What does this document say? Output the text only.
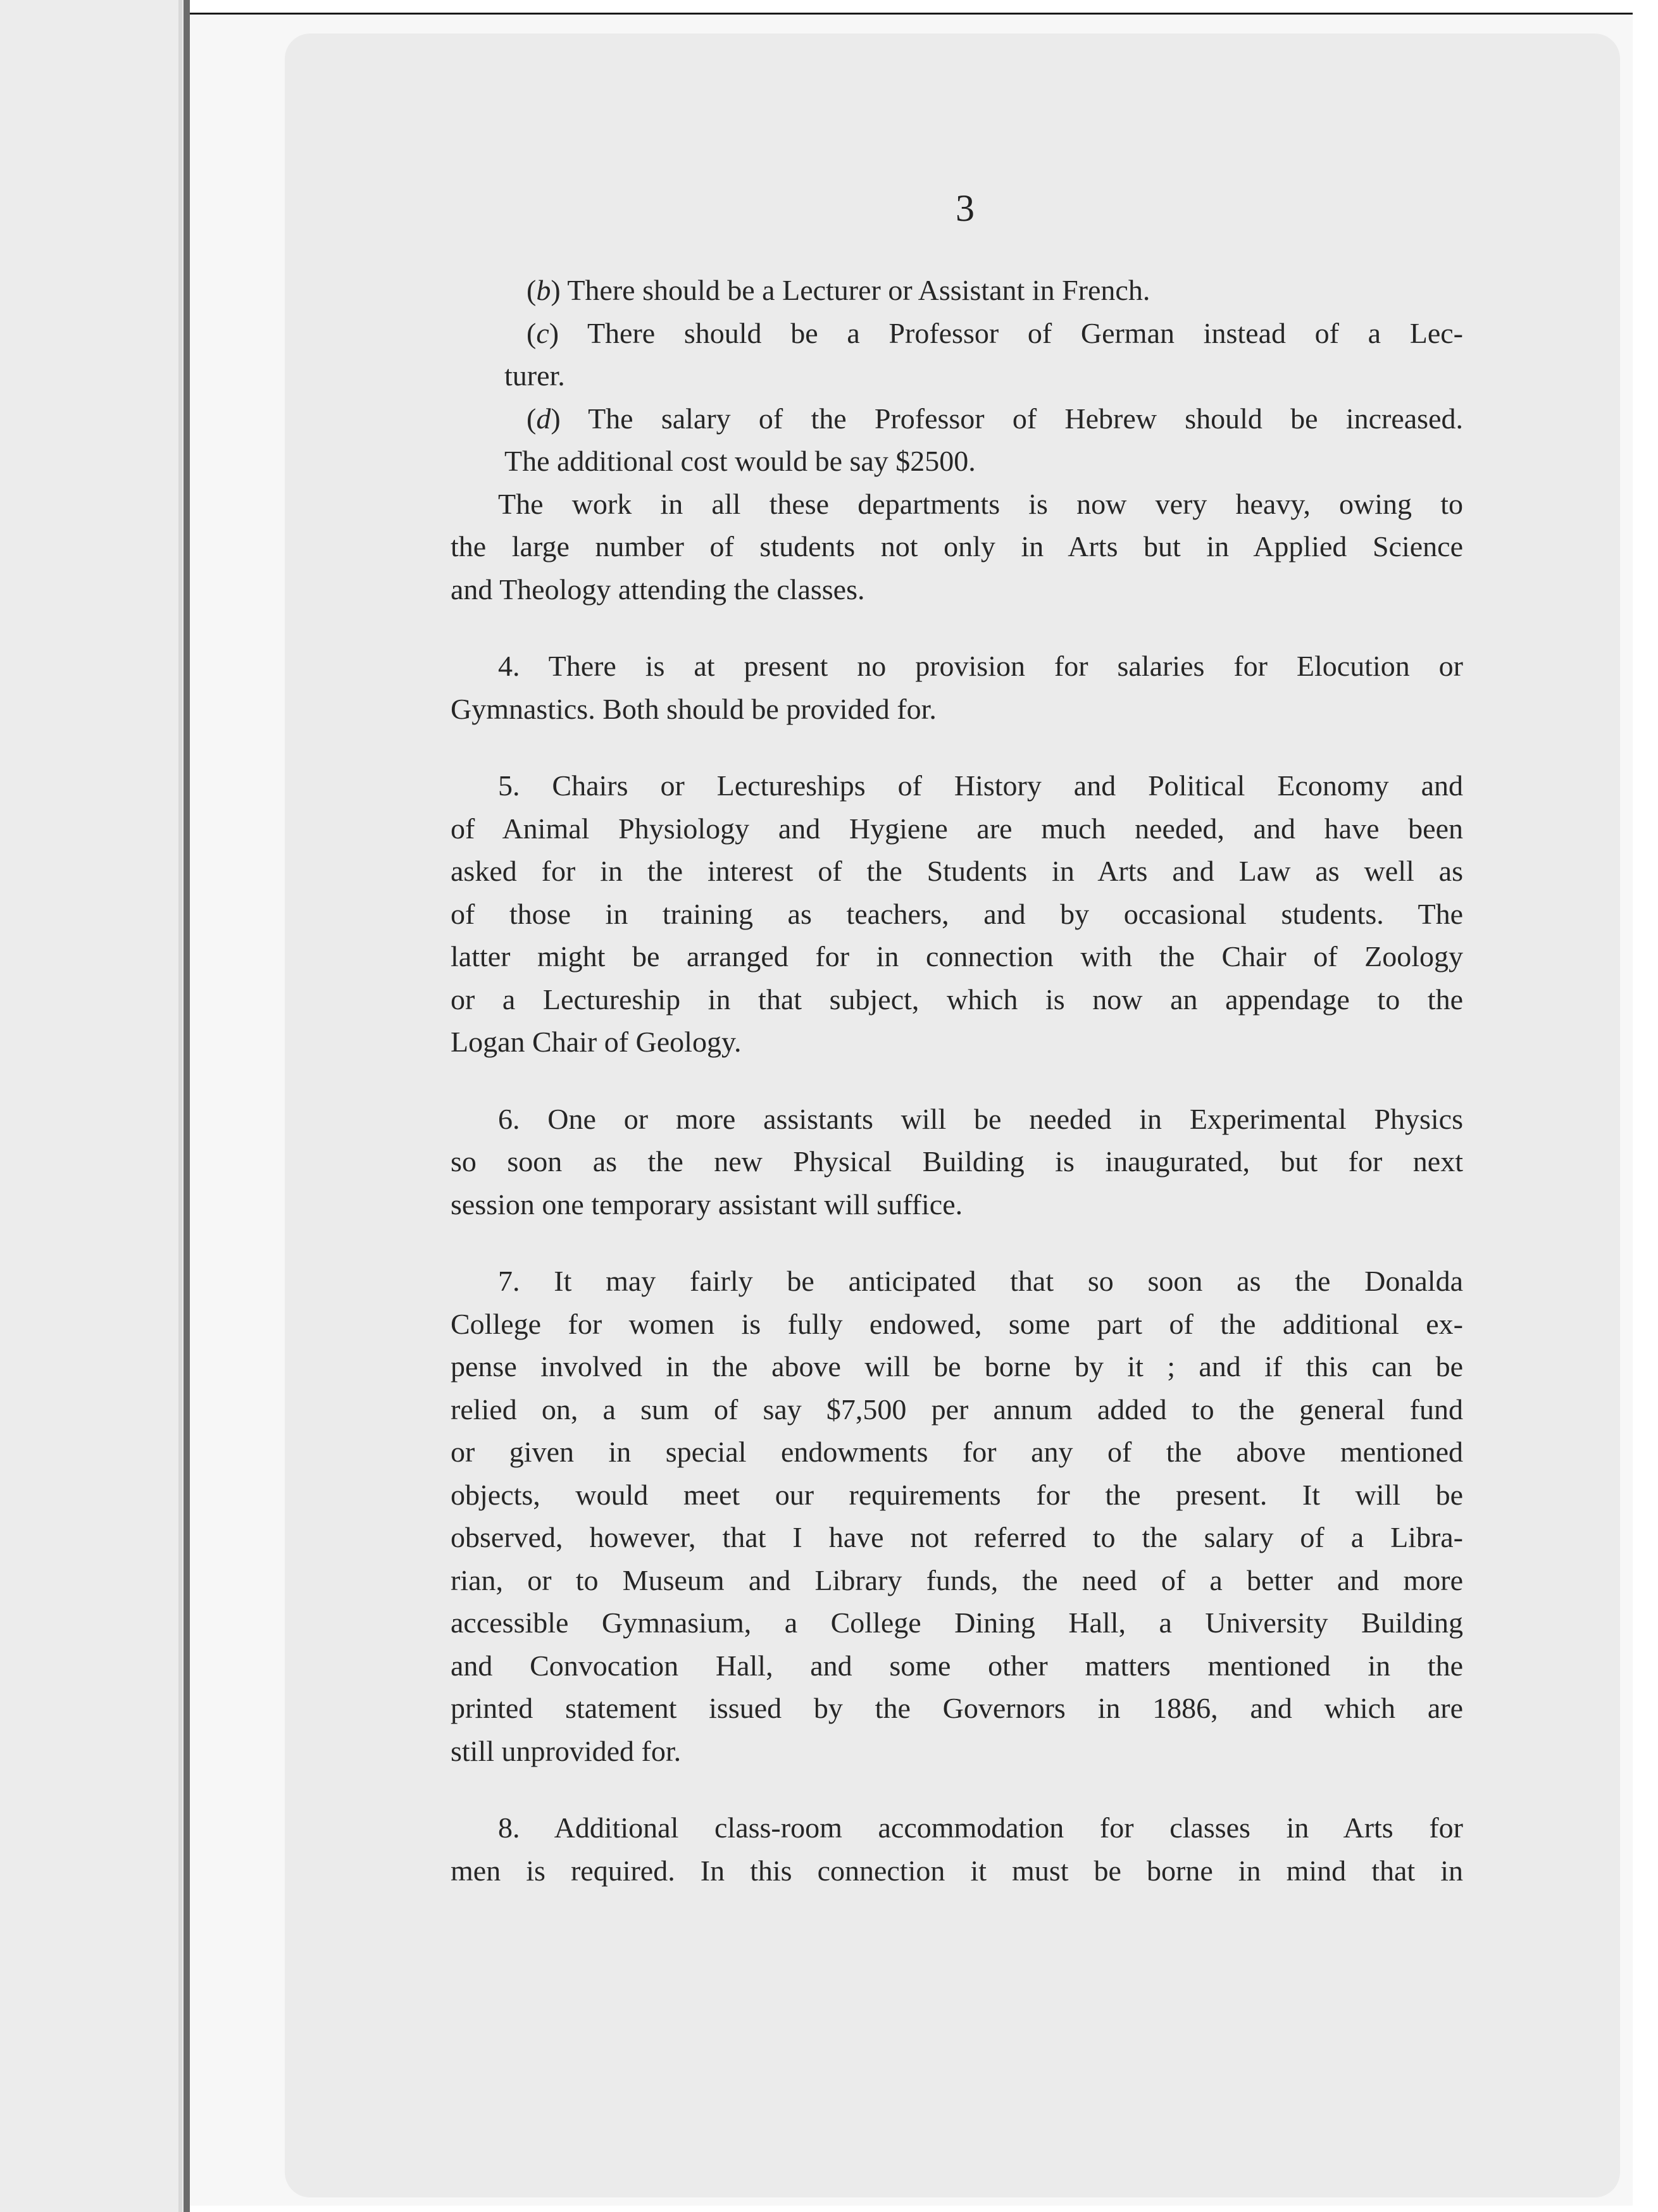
3
(b) There should be a Lecturer or Assistant in French.
(c) There should be a Professor of German instead of a Lec-
turer.
(d) The salary of the Professor of Hebrew should be increased.
The additional cost would be say $2500.
The work in all these departments is now very heavy, owing to
the large number of students not only in Arts but in Applied Science
and Theology attending the classes.
4. There is at present no provision for salaries for Elocution or
Gymnastics. Both should be provided for.
5. Chairs or Lectureships of History and Political Economy and
of Animal Physiology and Hygiene are much needed, and have been
asked for in the interest of the Students in Arts and Law as well as
of those in training as teachers, and by occasional students. The
latter might be arranged for in connection with the Chair of Zoology
or a Lectureship in that subject, which is now an appendage to the
Logan Chair of Geology.
6. One or more assistants will be needed in Experimental Physics
so soon as the new Physical Building is inaugurated, but for next
session one temporary assistant will suffice.
7. It may fairly be anticipated that so soon as the Donalda
College for women is fully endowed, some part of the additional ex-
pense involved in the above will be borne by it ; and if this can be
relied on, a sum of say $7,500 per annum added to the general fund
or given in special endowments for any of the above mentioned
objects, would meet our requirements for the present. It will be
observed, however, that I have not referred to the salary of a Libra-
rian, or to Museum and Library funds, the need of a better and more
accessible Gymnasium, a College Dining Hall, a University Building
and Convocation Hall, and some other matters mentioned in the
printed statement issued by the Governors in 1886, and which are
still unprovided for.
8. Additional class-room accommodation for classes in Arts for
men is required. In this connection it must be borne in mind that in
